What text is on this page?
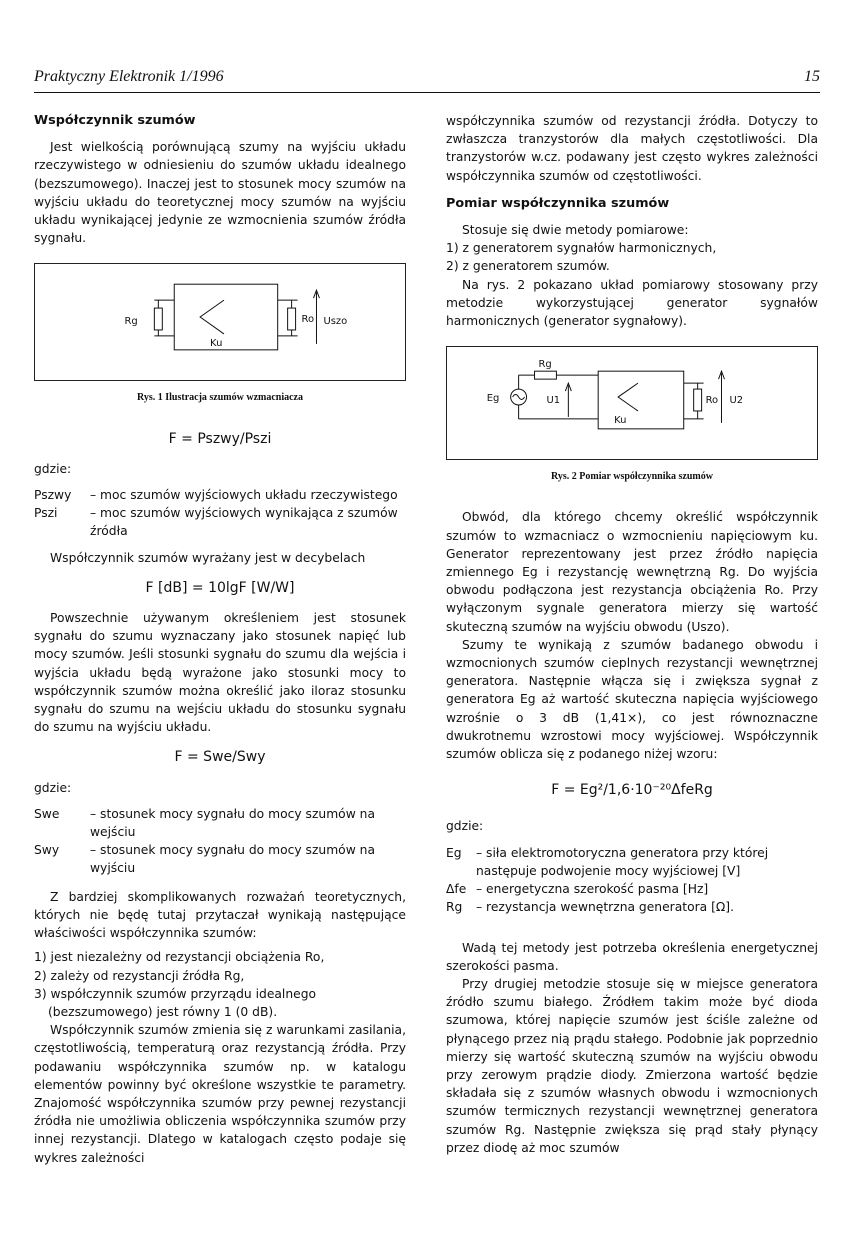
Praktyczny Elektronik 1/1996	15
Współczynnik szumów

Jest wielkością porównującą szumy na wyjściu układu rzeczywistego w odniesieniu do szumów układu idealnego (bezszumowego). Inaczej jest to stosunek mocy szumów na wyjściu układu do teoretycznej mocy szumów na wyjściu układu wynikającej jedynie ze wzmocnienia szumów źródła sygnału.

Rg
Ku
Ro Uszo
Rys. 1 Ilustracja szumów wzmacniacza
F = Pszwy/Pszi
gdzie:
Pszwy	– moc szumów wyjściowych układu rzeczywistego
Pszi	– moc szumów wyjściowych wynikająca z szumów źródła

Współczynnik szumów wyrażany jest w decybelach

F [dB] = 10lgF [W/W]

Powszechnie używanym określeniem jest stosunek sygnału do szumu wyznaczany jako stosunek napięć lub mocy szumów. Jeśli stosunki sygnału do szumu dla wejścia i wyjścia układu będą wyrażone jako stosunki mocy to współczynnik szumów można określić jako iloraz stosunku sygnału do szumu na wejściu układu do stosunku sygnału do szumu na wyjściu układu.

F = Swe/Swy
gdzie:
Swe	– stosunek mocy sygnału do mocy szumów na wejściu
Swy	– stosunek mocy sygnału do mocy szumów na wyjściu

Z bardziej skomplikowanych rozważań teoretycznych, których nie będę tutaj przytaczał wynikają następujące właściwości współczynnika szumów:

1) jest niezależny od rezystancji obciążenia Ro,
2) zależy od rezystancji źródła Rg,
3) współczynnik szumów przyrządu idealnego (bezszumowego) jest równy 1 (0 dB).

Współczynnik szumów zmienia się z warunkami zasilania, częstotliwością, temperaturą oraz rezystancją źródła. Przy podawaniu współczynnika szumów np. w katalogu elementów powinny być określone wszystkie te parametry. Znajomość współczynnika szumów przy pewnej rezystancji źródła nie umożliwia obliczenia współczynnika szumów przy innej rezystancji. Dlatego w katalogach często podaje się wykres zależności

współczynnika szumów od rezystancji źródła. Dotyczy to zwłaszcza tranzystorów dla małych częstotliwości. Dla tranzystorów w.cz. podawany jest często wykres zależności współczynnika szumów od częstotliwości.

Pomiar współczynnika szumów

Stosuje się dwie metody pomiarowe:

1) z generatorem sygnałów harmonicznych,
2) z generatorem szumów.

Na rys. 2 pokazano układ pomiarowy stosowany przy metodzie wykorzystującej generator sygnałów harmonicznych (generator sygnałowy).

Rg
Eg	U1
Ku
Ro U2
Rys. 2 Pomiar współczynnika szumów

Obwód, dla którego chcemy określić współczynnik szumów to wzmacniacz o wzmocnieniu napięciowym ku. Generator reprezentowany jest przez źródło napięcia zmiennego Eg i rezystancję wewnętrzną Rg. Do wyjścia obwodu podłączona jest rezystancja obciążenia Ro. Przy wyłączonym sygnale generatora mierzy się wartość skuteczną szumów na wyjściu obwodu (Uszo).

Szumy te wynikają z szumów badanego obwodu i wzmocnionych szumów cieplnych rezystancji wewnętrznej generatora. Następnie włącza się i zwiększa sygnał z generatora Eg aż wartość skuteczna napięcia wyjściowego wzrośnie o 3 dB (1,41×), co jest równoznaczne dwukrotnemu wzrostowi mocy wyjściowej. Współczynnik szumów oblicza się z podanego niżej wzoru:

F = Eg²/1,6·10⁻²⁰ΔfeRg
gdzie:
Eg	– siła elektromotoryczna generatora przy której następuje podwojenie mocy wyjściowej [V]
Δfe – energetyczna szerokość pasma [Hz]
Rg	– rezystancja wewnętrzna generatora [Ω].

Wadą tej metody jest potrzeba określenia energetycznej szerokości pasma.

Przy drugiej metodzie stosuje się w miejsce generatora źródło szumu białego. Źródłem takim może być dioda szumowa, której napięcie szumów jest ściśle zależne od płynącego przez nią prądu stałego. Podobnie jak poprzednio mierzy się wartość skuteczną szumów na wyjściu obwodu przy zerowym prądzie diody. Zmierzona wartość będzie składała się z szumów własnych obwodu i wzmocnionych szumów termicznych rezystancji wewnętrznej generatora szumów Rg. Następnie zwiększa się prąd stały płynący przez diodę aż moc szumów
